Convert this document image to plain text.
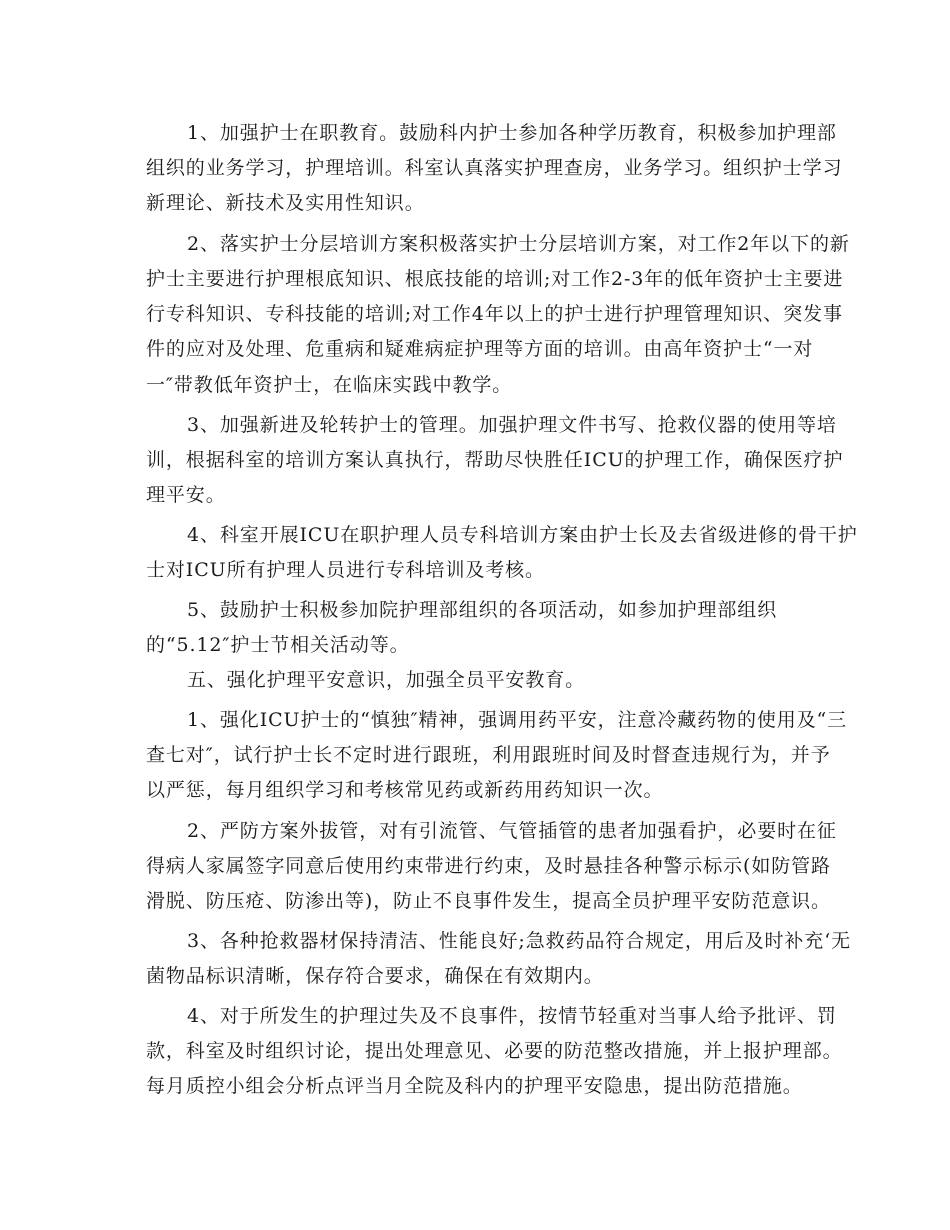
1、加强护士在职教育。鼓励科内护士参加各种学历教育，积极参加护理部
组织的业务学习，护理培训。科室认真落实护理查房，业务学习。组织护士学习
新理论、新技术及实用性知识。
2、落实护士分层培训方案积极落实护士分层培训方案，对工作2年以下的新
护士主要进行护理根底知识、根底技能的培训;对工作2-3年的低年资护士主要进
行专科知识、专科技能的培训;对工作4年以上的护士进行护理管理知识、突发事
件的应对及处理、危重病和疑难病症护理等方面的培训。由高年资护士“一对
一″带教低年资护士，在临床实践中教学。
3、加强新进及轮转护士的管理。加强护理文件书写、抢救仪器的使用等培
训，根据科室的培训方案认真执行，帮助尽快胜任ICU的护理工作，确保医疗护
理平安。
4、科室开展ICU在职护理人员专科培训方案由护士长及去省级进修的骨干护
士对ICU所有护理人员进行专科培训及考核。
5、鼓励护士积极参加院护理部组织的各项活动，如参加护理部组织
的“5.12″护士节相关活动等。
五、强化护理平安意识，加强全员平安教育。
1、强化ICU护士的“慎独″精神，强调用药平安，注意冷藏药物的使用及“三
查七对″，试行护士长不定时进行跟班，利用跟班时间及时督查违规行为，并予
以严惩，每月组织学习和考核常见药或新药用药知识一次。
2、严防方案外拔管，对有引流管、气管插管的患者加强看护，必要时在征
得病人家属签字同意后使用约束带进行约束，及时悬挂各种警示标示(如防管路
滑脱、防压疮、防渗出等)，防止不良事件发生，提高全员护理平安防范意识。
3、各种抢救器材保持清洁、性能良好;急救药品符合规定，用后及时补充‘无
菌物品标识清晰，保存符合要求，确保在有效期内。
4、对于所发生的护理过失及不良事件，按情节轻重对当事人给予批评、罚
款，科室及时组织讨论，提出处理意见、必要的防范整改措施，并上报护理部。
每月质控小组会分析点评当月全院及科内的护理平安隐患，提出防范措施。
